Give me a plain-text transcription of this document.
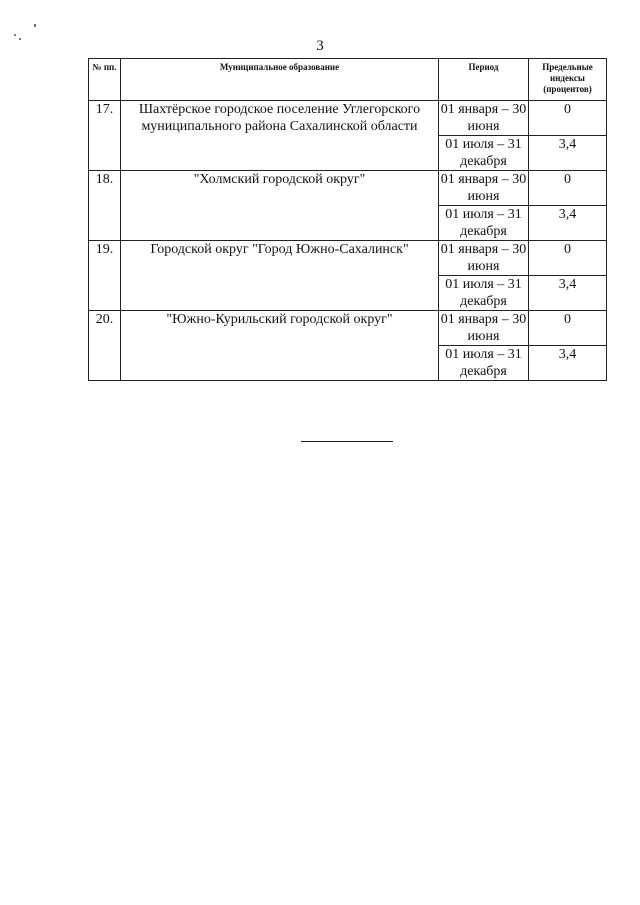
3
№ пп.	Муниципальное образование	Период	Предельные индексы (процентов)
17.	Шахтёрское городское поселение Углегорского муниципального района Сахалинской области	01 января – 30 июня	0
		01 июля – 31 декабря	3,4
18.	"Холмский городской округ"	01 января – 30 июня	0
		01 июля – 31 декабря	3,4
19.	Городской округ "Город Южно-Сахалинск"	01 января – 30 июня	0
		01 июля – 31 декабря	3,4
20.	"Южно-Курильский городской округ"	01 января – 30 июня	0
		01 июля – 31 декабря	3,4
